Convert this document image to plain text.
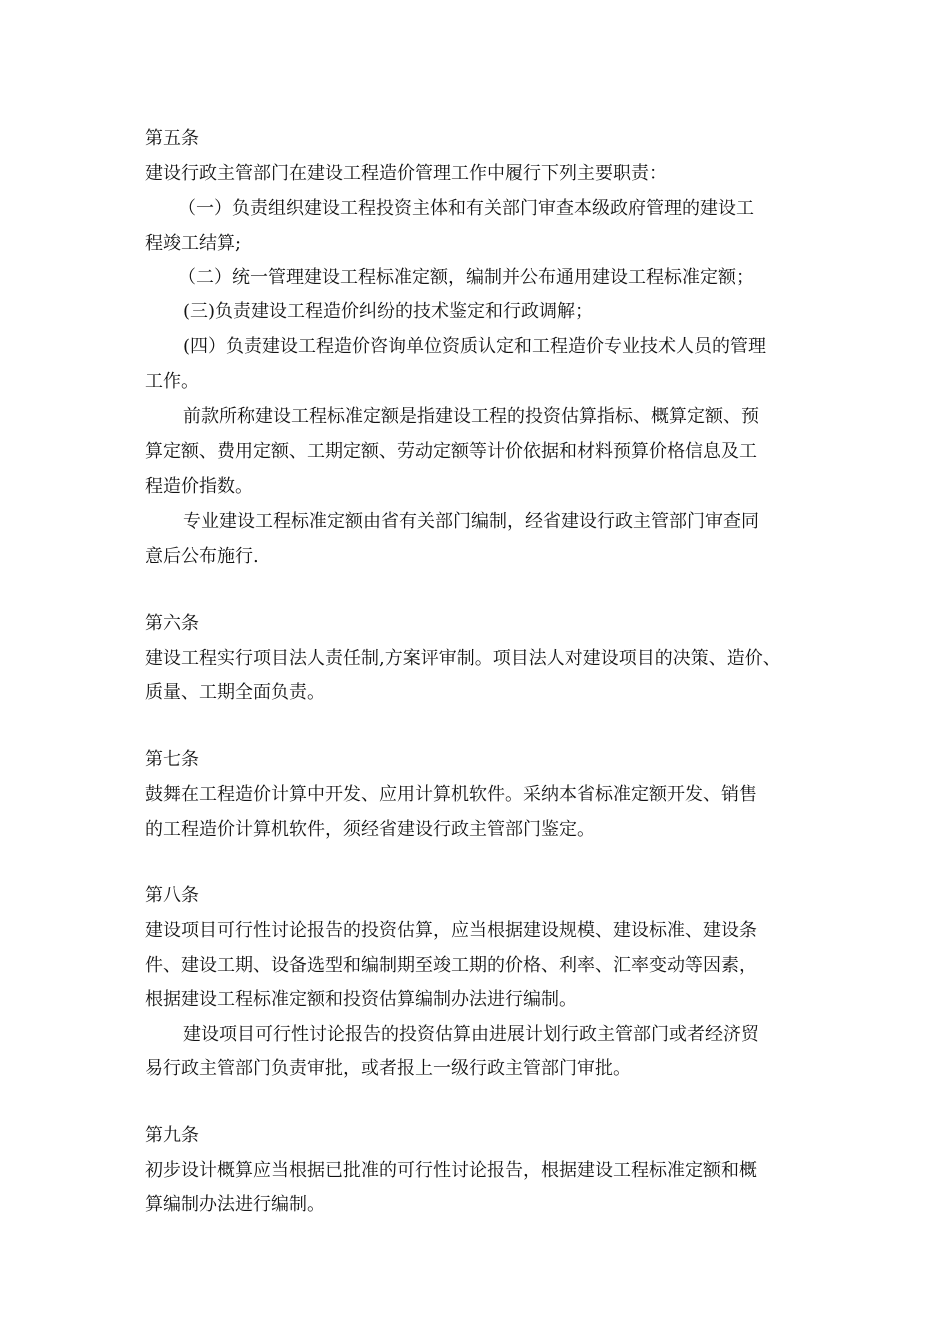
第五条
建设行政主管部门在建设工程造价管理工作中履行下列主要职责：
（一）负责组织建设工程投资主体和有关部门审查本级政府管理的建设工
程竣工结算;
（二）统一管理建设工程标准定额，编制并公布通用建设工程标准定额；
(三)负责建设工程造价纠纷的技术鉴定和行政调解；
(四）负责建设工程造价咨询单位资质认定和工程造价专业技术人员的管理
工作。
前款所称建设工程标准定额是指建设工程的投资估算指标、概算定额、预
算定额、费用定额、工期定额、劳动定额等计价依据和材料预算价格信息及工
程造价指数。
专业建设工程标准定额由省有关部门编制，经省建设行政主管部门审查同
意后公布施行.
第六条
建设工程实行项目法人责任制,方案评审制。项目法人对建设项目的决策、造价、
质量、工期全面负责。
第七条
鼓舞在工程造价计算中开发、应用计算机软件。采纳本省标准定额开发、销售
的工程造价计算机软件，须经省建设行政主管部门鉴定。
第八条
建设项目可行性讨论报告的投资估算，应当根据建设规模、建设标准、建设条
件、建设工期、设备选型和编制期至竣工期的价格、利率、汇率变动等因素，
根据建设工程标准定额和投资估算编制办法进行编制。
建设项目可行性讨论报告的投资估算由进展计划行政主管部门或者经济贸
易行政主管部门负责审批，或者报上一级行政主管部门审批。
第九条
初步设计概算应当根据已批准的可行性讨论报告，根据建设工程标准定额和概
算编制办法进行编制。
